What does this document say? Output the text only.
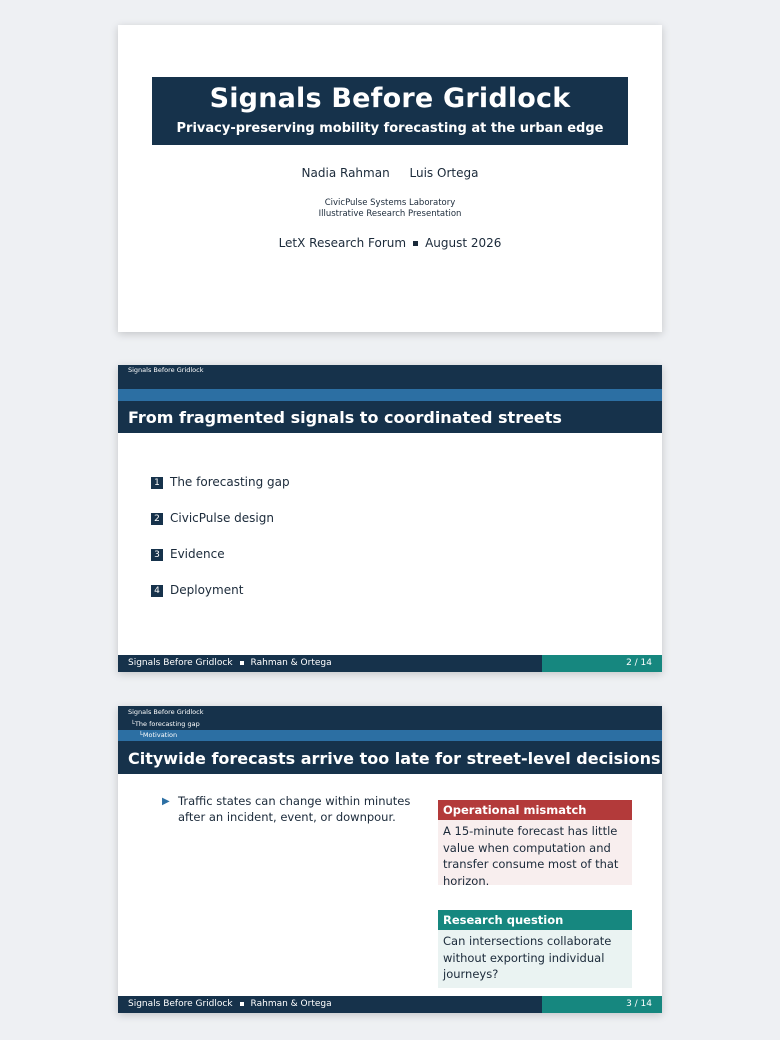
Signals Before Gridlock
Privacy-preserving mobility forecasting at the urban edge
Nadia Rahman Luis Ortega
CivicPulse Systems Laboratory
Illustrative Research Presentation
LetX Research Forum August 2026
Signals Before Gridlock
From fragmented signals to coordinated streets
1 The forecasting gap
2 CivicPulse design
3 Evidence
4 Deployment
Signals Before Gridlock Rahman & Ortega	2 / 14
Signals Before Gridlock
└The forecasting gap
└Motivation
Citywide forecasts arrive too late for street-level decisions
▶ Traffic states can change within minutes after an incident, event, or downpour.	Operational mismatch
A 15-minute forecast has little value when computation and transfer consume most of that horizon.
Research question
Can intersections collaborate without exporting individual journeys?
Signals Before Gridlock Rahman & Ortega	3 / 14
